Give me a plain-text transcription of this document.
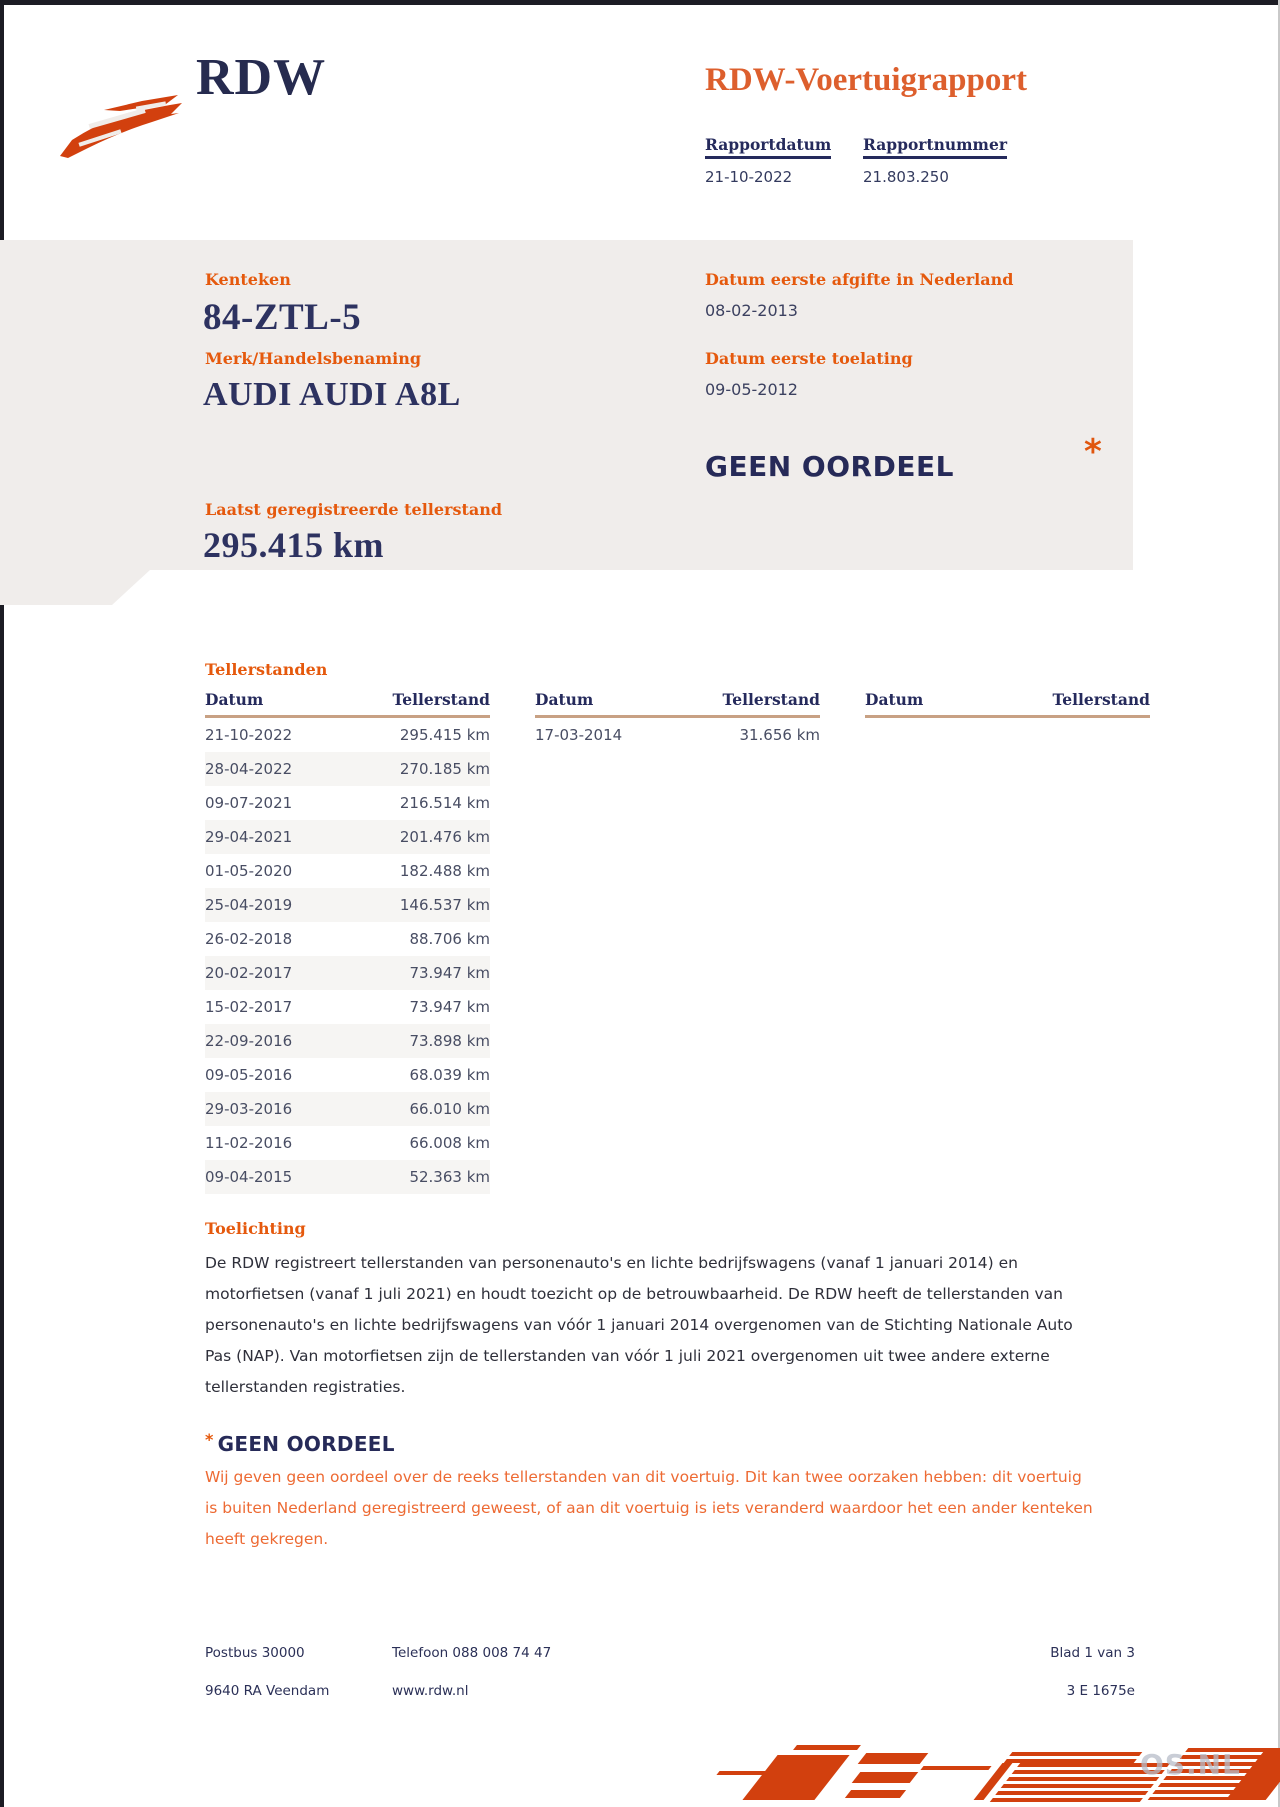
RDW	RDW-Voertuigrapport
Rapportdatum Rapportnummer
21-10-2022	21.803.250
Kenteken
84-ZTL-5
Merk/Handelsbenaming
AUDI AUDI A8L
Datum eerste afgifte in Nederland
08-02-2013
Datum eerste toelating
09-05-2012
GEEN OORDEEL	*
Laatst geregistreerde tellerstand
295.415 km
Tellerstanden
Datum	Tellerstand
21-10-2022	295.415 km
28-04-2022	270.185 km
09-07-2021	216.514 km
29-04-2021	201.476 km
01-05-2020	182.488 km
25-04-2019	146.537 km
26-02-2018	88.706 km
20-02-2017	73.947 km
15-02-2017	73.947 km
22-09-2016	73.898 km
09-05-2016	68.039 km
29-03-2016	66.010 km
11-02-2016	66.008 km
09-04-2015	52.363 km
Datum	Tellerstand
17-03-2014	31.656 km
Datum	Tellerstand
Toelichting
De RDW registreert tellerstanden van personenauto's en lichte bedrijfswagens (vanaf 1 januari 2014) en motorfietsen (vanaf 1 juli 2021) en houdt toezicht op de betrouwbaarheid. De RDW heeft de tellerstanden van personenauto's en lichte bedrijfswagens van vóór 1 januari 2014 overgenomen van de Stichting Nationale Auto Pas (NAP). Van motorfietsen zijn de tellerstanden van vóór 1 juli 2021 overgenomen uit twee andere externe tellerstanden registraties.
* GEEN OORDEEL
Wij geven geen oordeel over de reeks tellerstanden van dit voertuig. Dit kan twee oorzaken hebben: dit voertuig is buiten Nederland geregistreerd geweest, of aan dit voertuig is iets veranderd waardoor het een ander kenteken heeft gekregen.
Postbus 30000
9640 RA Veendam
Telefoon 088 008 74 47
www.rdw.nl
Blad 1 van 3
3 E 1675e
OS.NL
